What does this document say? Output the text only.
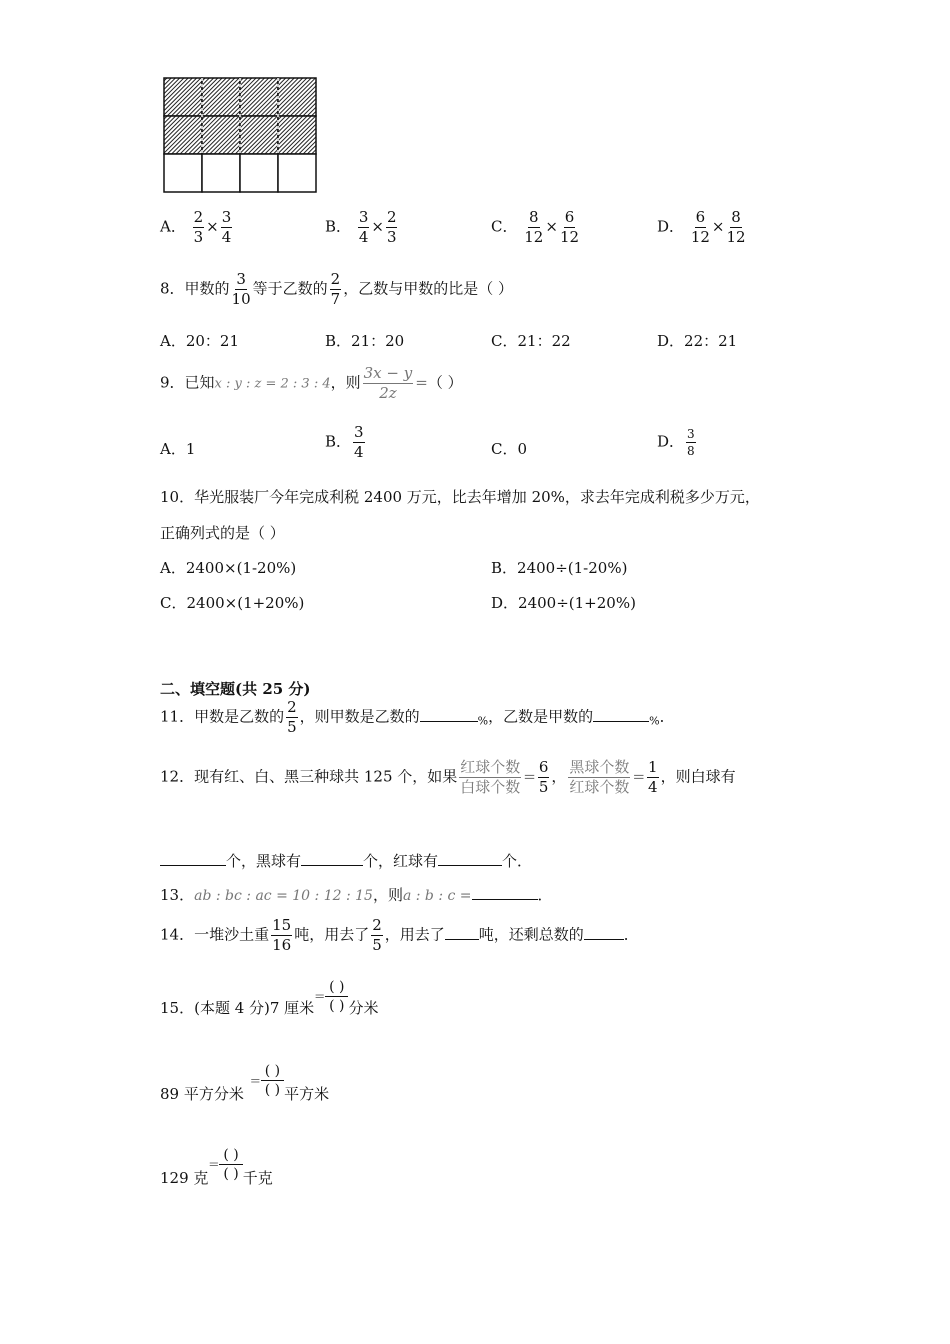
A． $\frac{2}{3} \times \frac{3}{4}$	B． $\frac{3}{4} \times \frac{2}{3}$	C． $\frac{8}{12} \times \frac{6}{12}$	D． $\frac{6}{12} \times \frac{8}{12}$
8．甲数的 $\frac{3}{10}$ 等于乙数的 $\frac{2}{7}$ ，乙数与甲数的比是（ ）
A．20：21	B．21：20	C．21：22	D．22：21
9．已知x : y : z = 2 : 3 : 4，则 $\frac{3x - y}{2z}$ =（ ）
A．1	B． $\frac{3}{4}$	C．0	D． $\frac{3}{8}$
10．华光服装厂今年完成利税 2400 万元，比去年增加 20%，求去年完成利税多少万元，
正确列式的是（ ）
A．2400×(1-20%)	B．2400÷(1-20%)
C．2400×(1+20%)	D．2400÷(1+20%)
二、填空题(共 25 分)
11．甲数是乙数的 $\frac{2}{5}$ ，则甲数是乙数的	$_{\%}$，乙数是甲数的	$_{\%}$．
12．现有红、白、黑三种球共 125 个，如果 $\frac{\text{红球个数}}{\text{白球个数}} = \frac{6}{5}$ ， $\frac{\text{黑球个数}}{\text{红球个数}} = \frac{1}{4}$ ，则白球有
个，黑球有	个，红球有	个．
13．ab : bc : ac = 10 : 12 : 15，则a : b : c =	．
14．一堆沙土重 $\frac{15}{16}$ 吨，用去了 $\frac{2}{5}$ ，用去了 吨，还剩总数的	．
15．(本题 4 分)7 厘米=
( )
( ) 分米
89 平方分米=
( )
( ) 平方米
129 克=
( )
( ) 千克
